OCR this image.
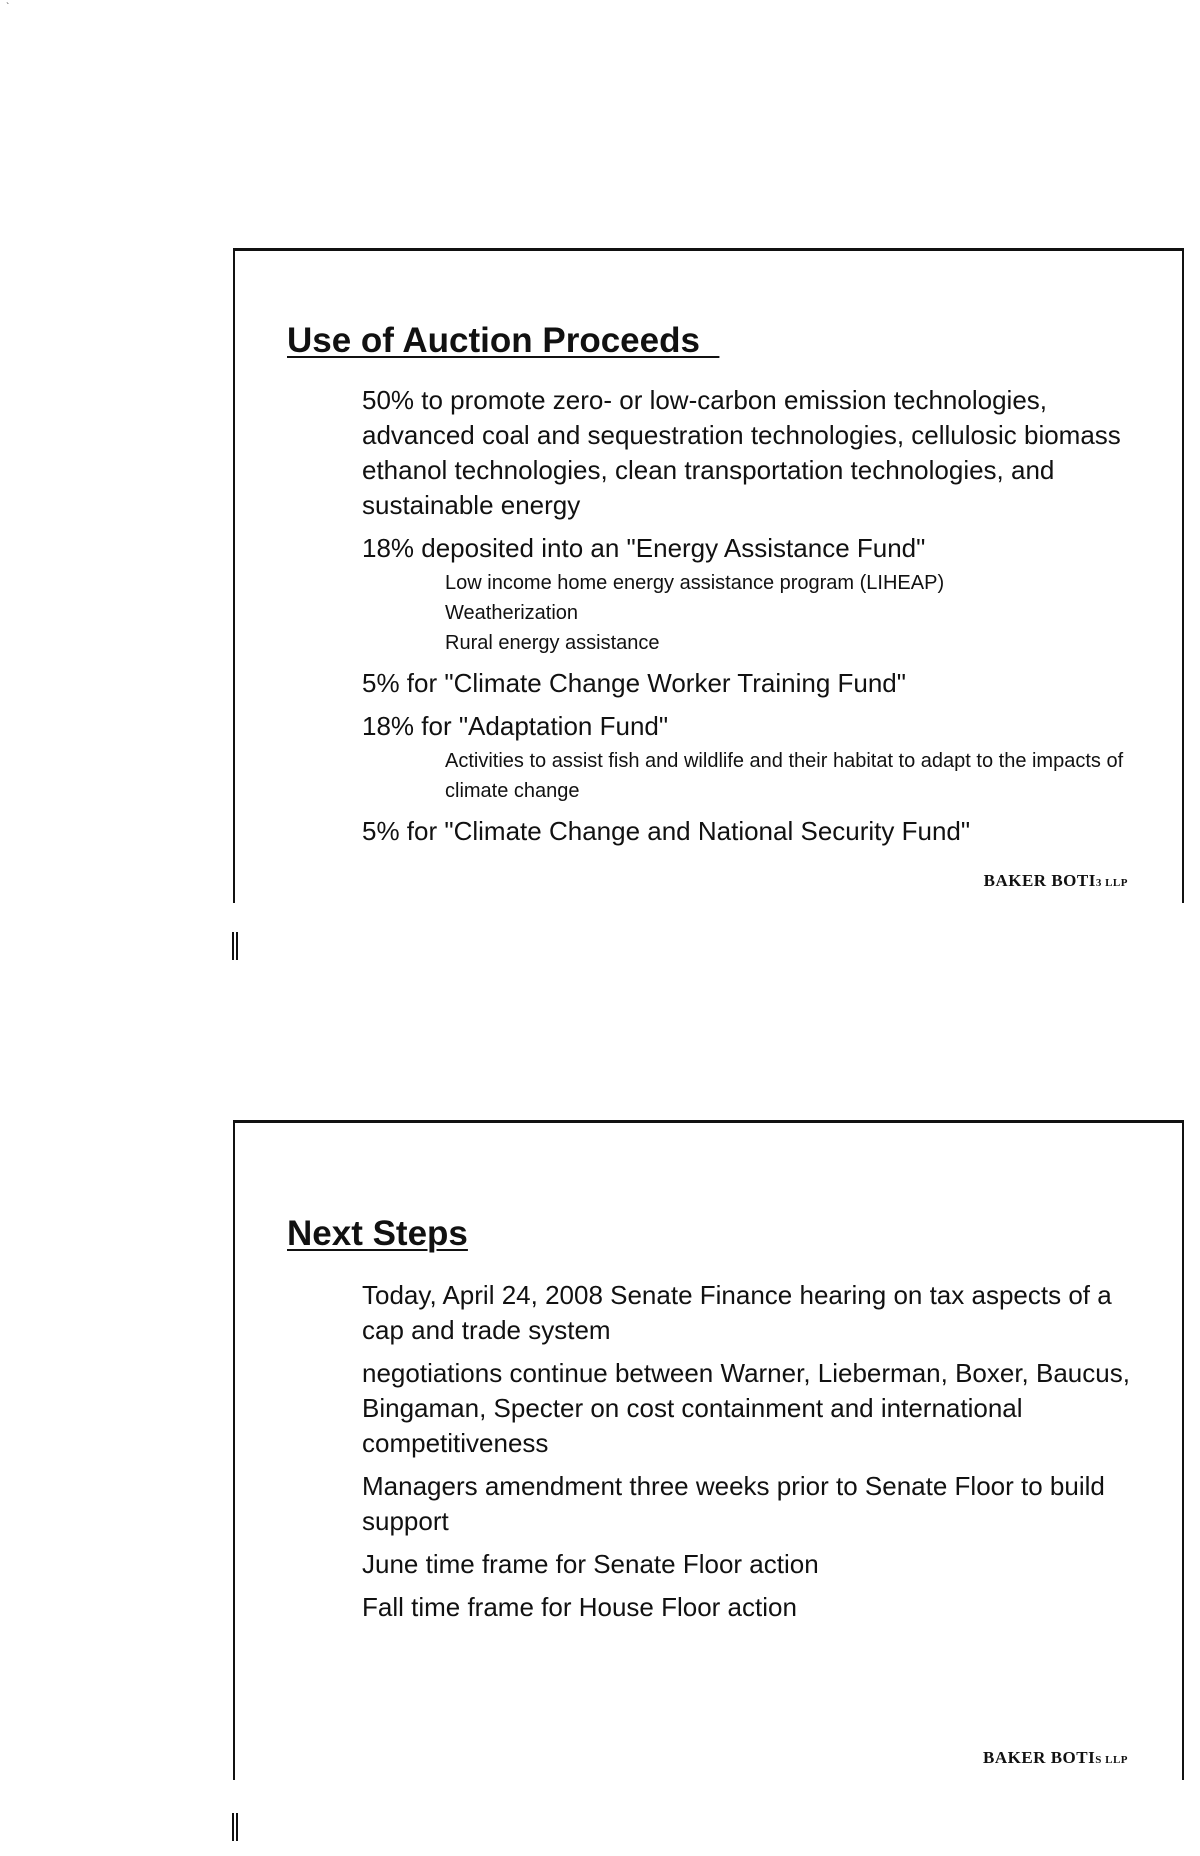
`
Use of Auction Proceeds
50% to promote zero- or low-carbon emission technologies, advanced coal and sequestration technologies, cellulosic biomass ethanol technologies, clean transportation technologies, and sustainable energy
18% deposited into an "Energy Assistance Fund"
Low income home energy assistance program (LIHEAP)
Weatherization
Rural energy assistance
5% for "Climate Change Worker Training Fund"
18% for "Adaptation Fund"
Activities to assist fish and wildlife and their habitat to adapt to the impacts of climate change
5% for "Climate Change and National Security Fund"
BAKER BOTI3 LLP
Next Steps
Today, April 24, 2008 Senate Finance hearing on tax aspects of a cap and trade system
negotiations continue between Warner, Lieberman, Boxer, Baucus, Bingaman, Specter on cost containment and international competitiveness
Managers amendment three weeks prior to Senate Floor to build support
June time frame for Senate Floor action
Fall time frame for House Floor action
BAKER BOTIS LLP
